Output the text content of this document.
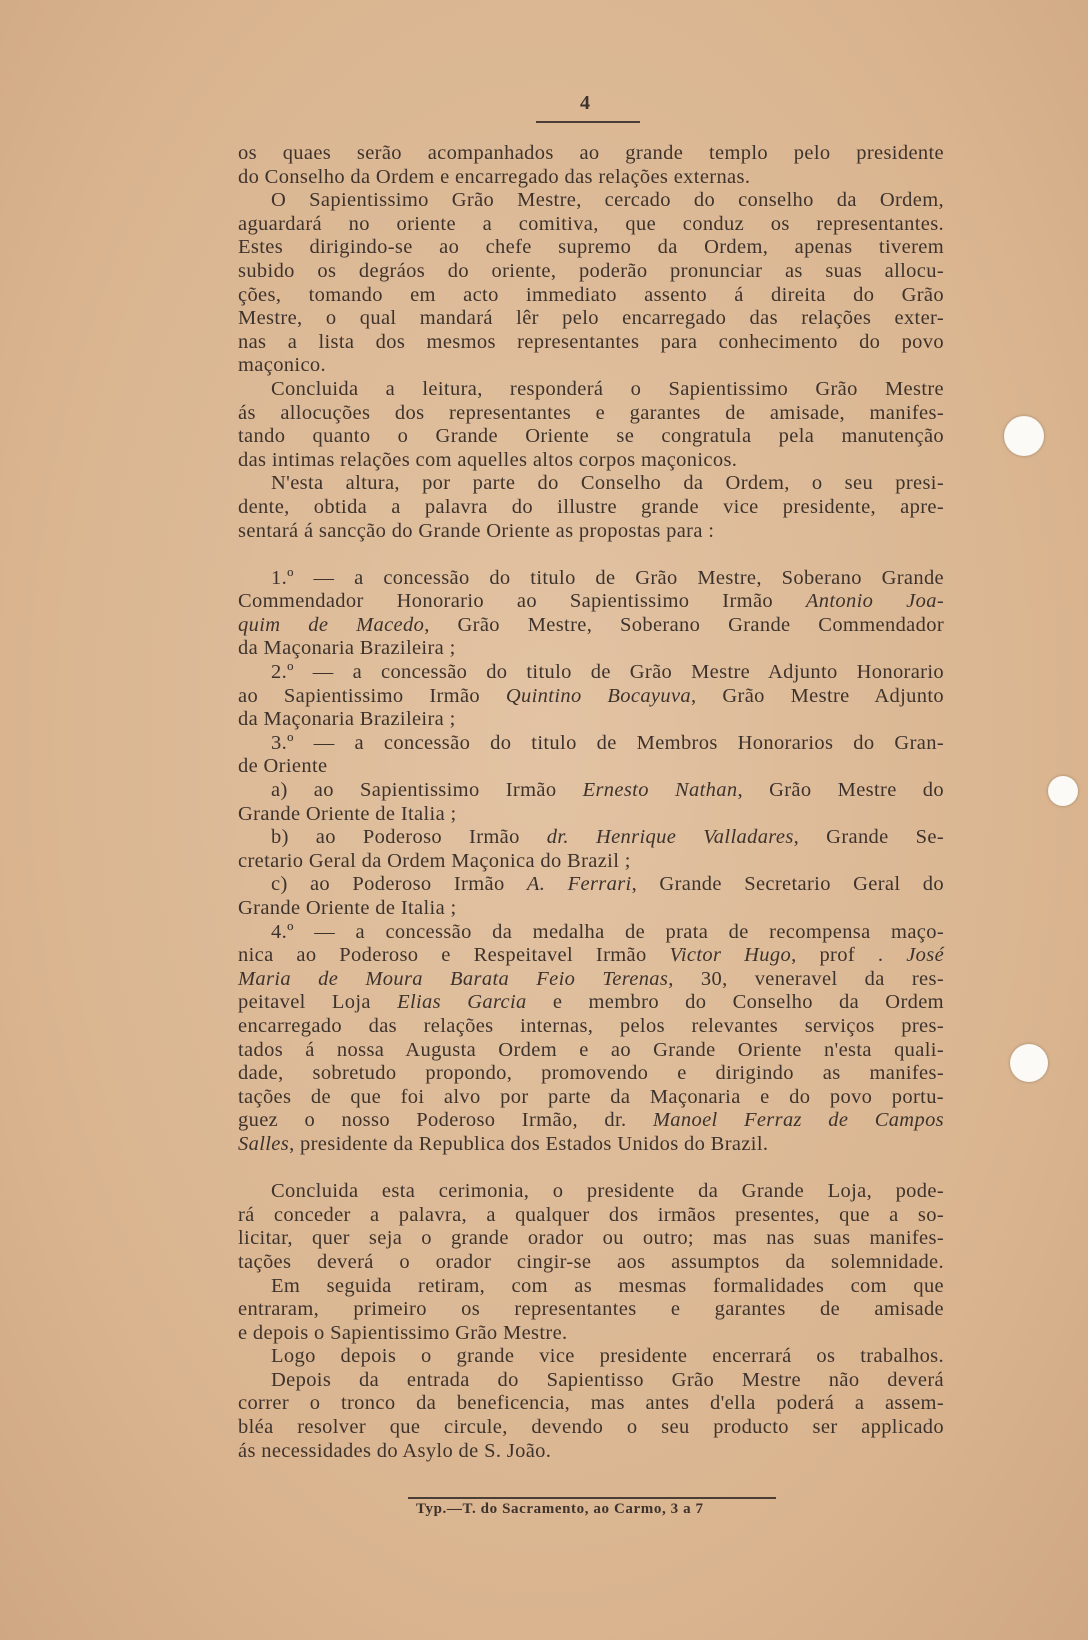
4
os quaes serão acompanhados ao grande templo pelo presidente
do Conselho da Ordem e encarregado das relações externas.
O Sapientissimo Grão Mestre, cercado do conselho da Ordem,
aguardará no oriente a comitiva, que conduz os representantes.
Estes dirigindo-se ao chefe supremo da Ordem, apenas tiverem
subido os degráos do oriente, poderão pronunciar as suas allocu-
ções, tomando em acto immediato assento á direita do Grão
Mestre, o qual mandará lêr pelo encarregado das relações exter-
nas a lista dos mesmos representantes para conhecimento do povo
maçonico.
Concluida a leitura, responderá o Sapientissimo Grão Mestre
ás allocuções dos representantes e garantes de amisade, manifes-
tando quanto o Grande Oriente se congratula pela manutenção
das intimas relações com aquelles altos corpos maçonicos.
N'esta altura, por parte do Conselho da Ordem, o seu presi-
dente, obtida a palavra do illustre grande vice presidente, apre-
sentará á sancção do Grande Oriente as propostas para :
1.º — a concessão do titulo de Grão Mestre, Soberano Grande
Commendador Honorario ao Sapientissimo Irmão Antonio Joa-
quim de Macedo, Grão Mestre, Soberano Grande Commendador
da Maçonaria Brazileira ;
2.º — a concessão do titulo de Grão Mestre Adjunto Honorario
ao Sapientissimo Irmão Quintino Bocayuva, Grão Mestre Adjunto
da Maçonaria Brazileira ;
3.º — a concessão do titulo de Membros Honorarios do Gran-
de Oriente
a) ao Sapientissimo Irmão Ernesto Nathan, Grão Mestre do
Grande Oriente de Italia ;
b) ao Poderoso Irmão dr. Henrique Valladares, Grande Se-
cretario Geral da Ordem Maçonica do Brazil ;
c) ao Poderoso Irmão A. Ferrari, Grande Secretario Geral do
Grande Oriente de Italia ;
4.º — a concessão da medalha de prata de recompensa maço-
nica ao Poderoso e Respeitavel Irmão Victor Hugo, prof . José
Maria de Moura Barata Feio Terenas, 30, veneravel da res-
peitavel Loja Elias Garcia e membro do Conselho da Ordem
encarregado das relações internas, pelos relevantes serviços pres-
tados á nossa Augusta Ordem e ao Grande Oriente n'esta quali-
dade, sobretudo propondo, promovendo e dirigindo as manifes-
tações de que foi alvo por parte da Maçonaria e do povo portu-
guez o nosso Poderoso Irmão, dr. Manoel Ferraz de Campos
Salles, presidente da Republica dos Estados Unidos do Brazil.
Concluida esta cerimonia, o presidente da Grande Loja, pode-
rá conceder a palavra, a qualquer dos irmãos presentes, que a so-
licitar, quer seja o grande orador ou outro; mas nas suas manifes-
tações deverá o orador cingir-se aos assumptos da solemnidade.
Em seguida retiram, com as mesmas formalidades com que
entraram, primeiro os representantes e garantes de amisade
e depois o Sapientissimo Grão Mestre.
Logo depois o grande vice presidente encerrará os trabalhos.
Depois da entrada do Sapientisso Grão Mestre não deverá
correr o tronco da beneficencia, mas antes d'ella poderá a assem-
bléa resolver que circule, devendo o seu producto ser applicado
ás necessidades do Asylo de S. João.
Typ.—T. do Sacramento, ao Carmo, 3 a 7
